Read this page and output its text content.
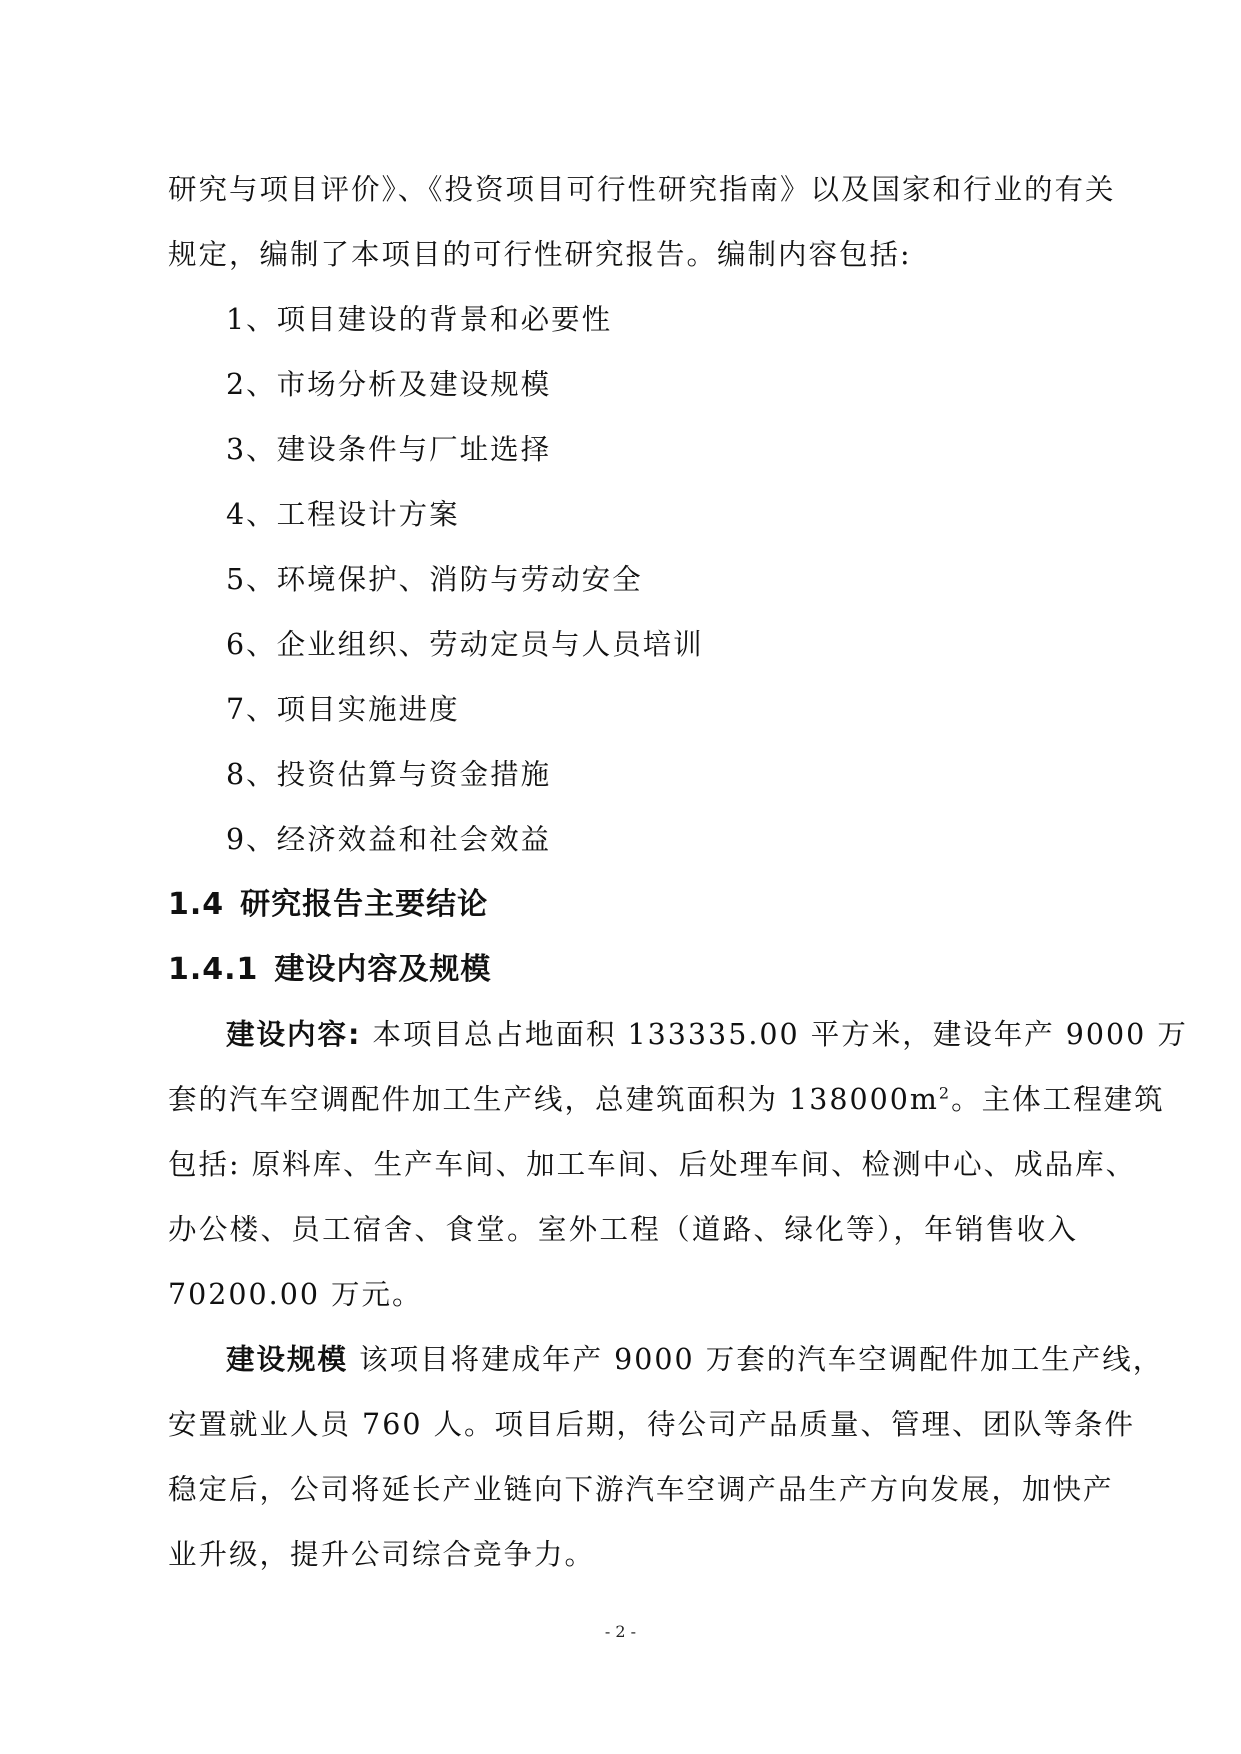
研究与项目评价》、《投资项目可行性研究指南》以及国家和行业的有关
规定，编制了本项目的可行性研究报告。编制内容包括:
1、项目建设的背景和必要性
2、市场分析及建设规模
3、建设条件与厂址选择
4、工程设计方案
5、环境保护、消防与劳动安全
6、企业组织、劳动定员与人员培训
7、项目实施进度
8、投资估算与资金措施
9、经济效益和社会效益
1.4 研究报告主要结论
1.4.1 建设内容及规模
建设内容: 本项目总占地面积 133335.00 平方米，建设年产 9000 万
套的汽车空调配件加工生产线，总建筑面积为 $138000m^2$。主体工程建筑
包括: 原料库、生产车间、加工车间、后处理车间、检测中心、成品库、
办公楼、员工宿舍、食堂。室外工程（道路、绿化等），年销售收入
70200.00 万元。
建设规模 该项目将建成年产 9000 万套的汽车空调配件加工生产线，
安置就业人员 760 人。项目后期，待公司产品质量、管理、团队等条件
稳定后，公司将延长产业链向下游汽车空调产品生产方向发展，加快产
业升级，提升公司综合竞争力。
- 2 -
